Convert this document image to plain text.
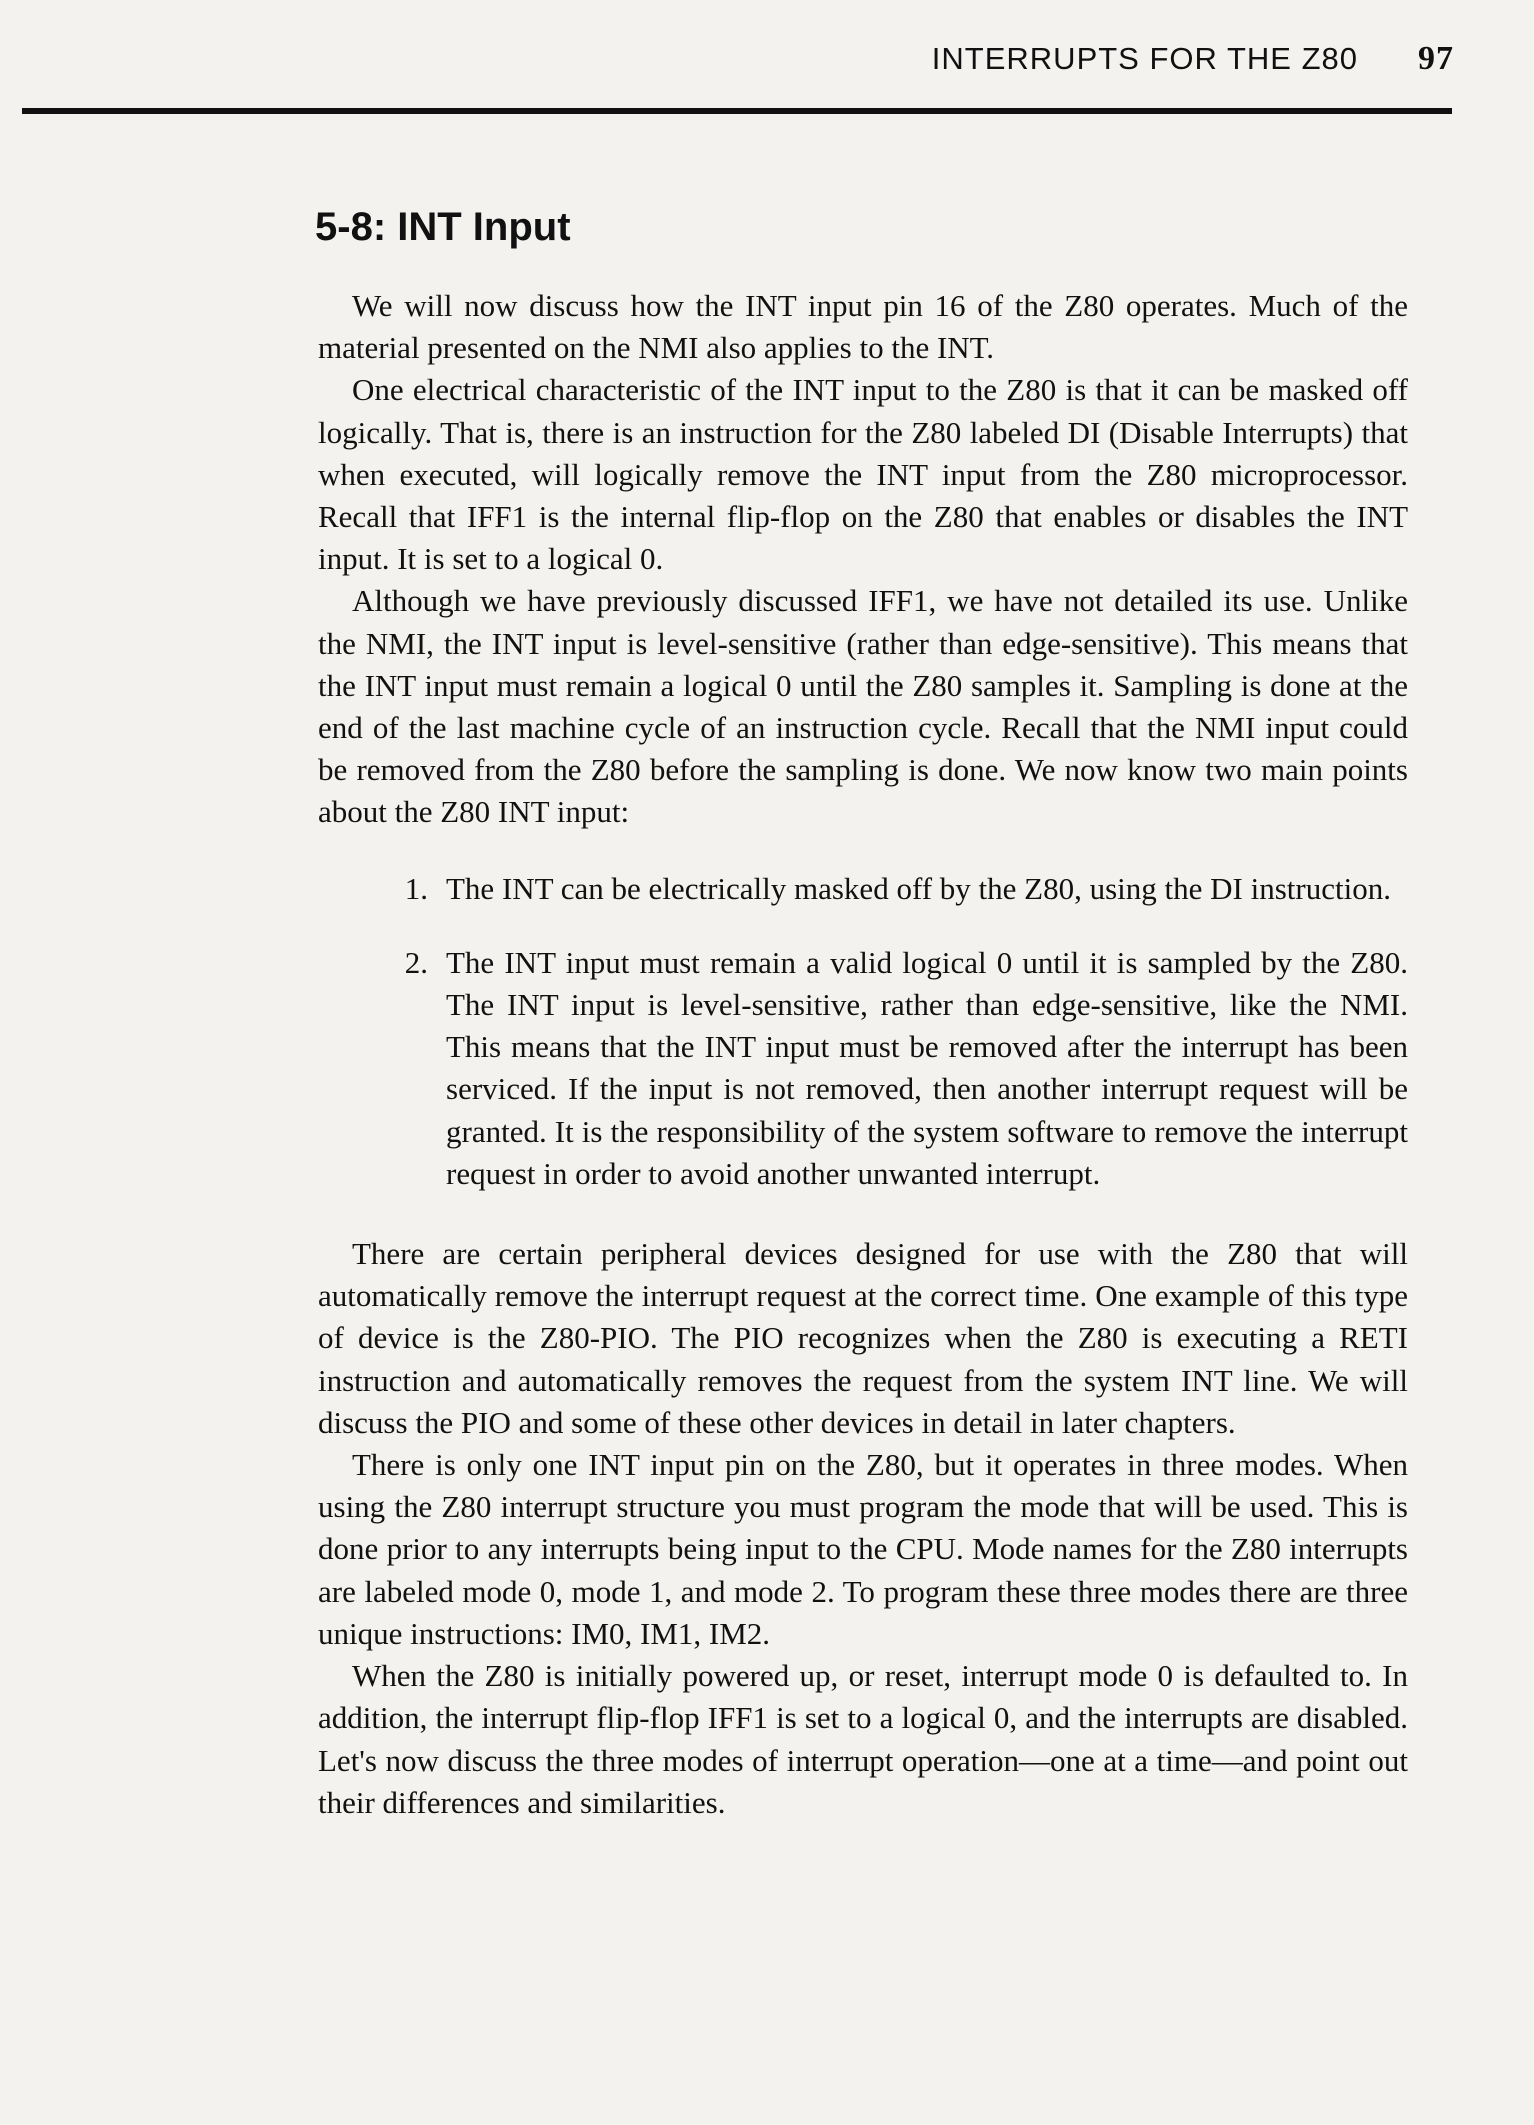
INTERRUPTS FOR THE Z80 97
5-8: INT Input

We will now discuss how the INT input pin 16 of the Z80 operates. Much of the material presented on the NMI also applies to the INT.

One electrical characteristic of the INT input to the Z80 is that it can be masked off logically. That is, there is an instruction for the Z80 labeled DI (Disable Interrupts) that when executed, will logically remove the INT input from the Z80 microprocessor. Recall that IFF1 is the internal flip-flop on the Z80 that enables or disables the INT input. It is set to a logical 0.

Although we have previously discussed IFF1, we have not detailed its use. Unlike the NMI, the INT input is level-sensitive (rather than edge-sensitive). This means that the INT input must remain a logical 0 until the Z80 samples it. Sampling is done at the end of the last machine cycle of an instruction cycle. Recall that the NMI input could be removed from the Z80 before the sampling is done. We now know two main points about the Z80 INT input:

1. The INT can be electrically masked off by the Z80, using the DI instruction.
2. The INT input must remain a valid logical 0 until it is sampled by the Z80. The INT input is level-sensitive, rather than edge-sensitive, like the NMI. This means that the INT input must be removed after the interrupt has been serviced. If the input is not removed, then another interrupt request will be granted. It is the responsibility of the system software to remove the interrupt request in order to avoid another unwanted interrupt.

There are certain peripheral devices designed for use with the Z80 that will automatically remove the interrupt request at the correct time. One example of this type of device is the Z80-PIO. The PIO recognizes when the Z80 is executing a RETI instruction and automatically removes the request from the system INT line. We will discuss the PIO and some of these other devices in detail in later chapters.

There is only one INT input pin on the Z80, but it operates in three modes. When using the Z80 interrupt structure you must program the mode that will be used. This is done prior to any interrupts being input to the CPU. Mode names for the Z80 interrupts are labeled mode 0, mode 1, and mode 2. To program these three modes there are three unique instructions: IM0, IM1, IM2.

When the Z80 is initially powered up, or reset, interrupt mode 0 is defaulted to. In addition, the interrupt flip-flop IFF1 is set to a logical 0, and the interrupts are disabled. Let's now discuss the three modes of interrupt operation—one at a time—and point out their differences and similarities.
